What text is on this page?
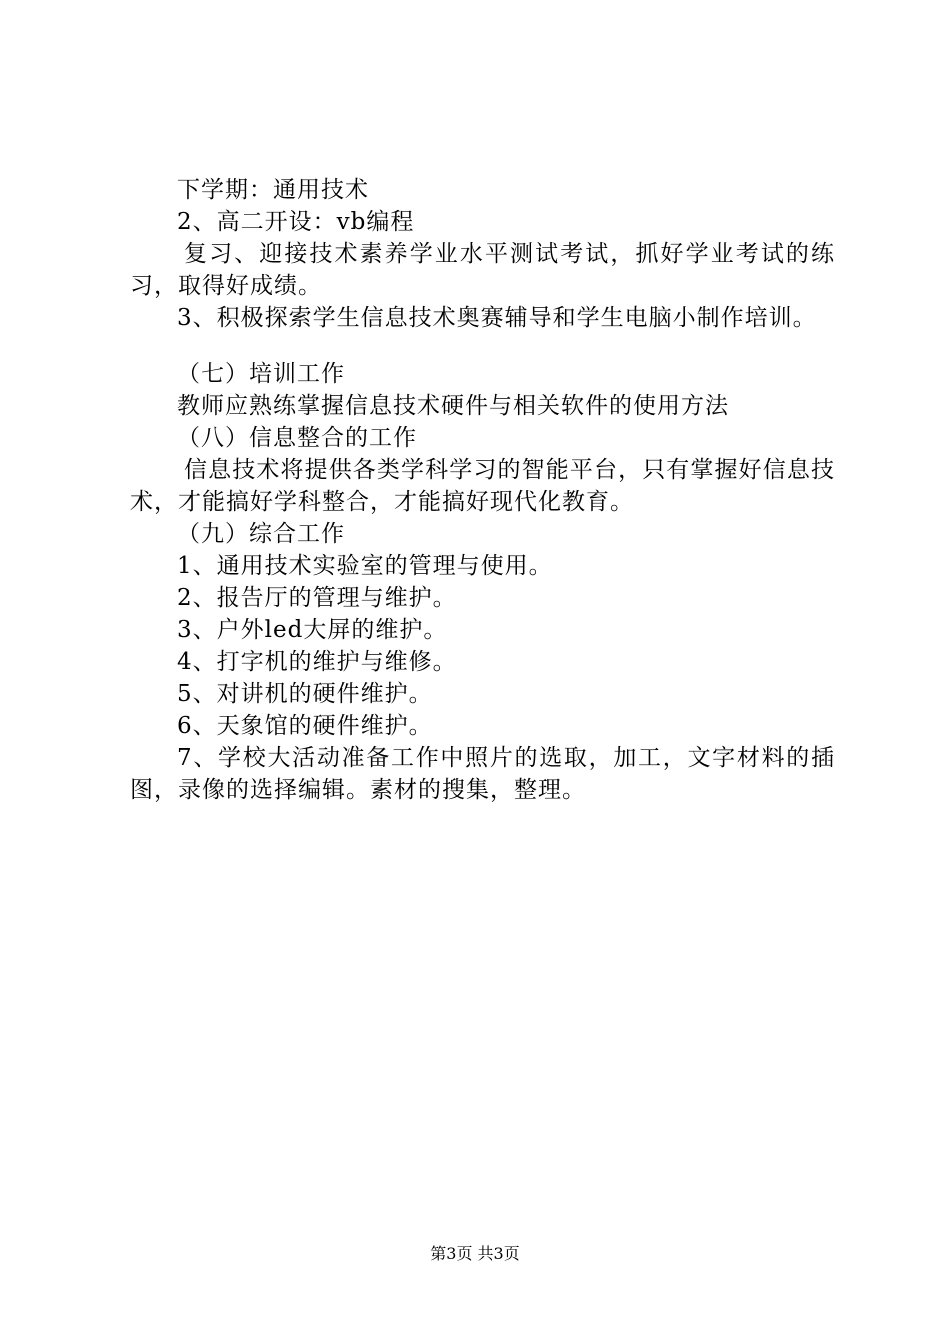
下学期：通用技术
2、高二开设：vb编程
复习、迎接技术素养学业水平测试考试，抓好学业考试的练习，取得好成绩。
3、积极探索学生信息技术奥赛辅导和学生电脑小制作培训。
（七）培训工作
教师应熟练掌握信息技术硬件与相关软件的使用方法
（八）信息整合的工作
信息技术将提供各类学科学习的智能平台，只有掌握好信息技术，才能搞好学科整合，才能搞好现代化教育。
（九）综合工作
1、通用技术实验室的管理与使用。
2、报告厅的管理与维护。
3、户外led大屏的维护。
4、打字机的维护与维修。
5、对讲机的硬件维护。
6、天象馆的硬件维护。
7、学校大活动准备工作中照片的选取，加工，文字材料的插图，录像的选择编辑。素材的搜集，整理。
第3页 共3页
